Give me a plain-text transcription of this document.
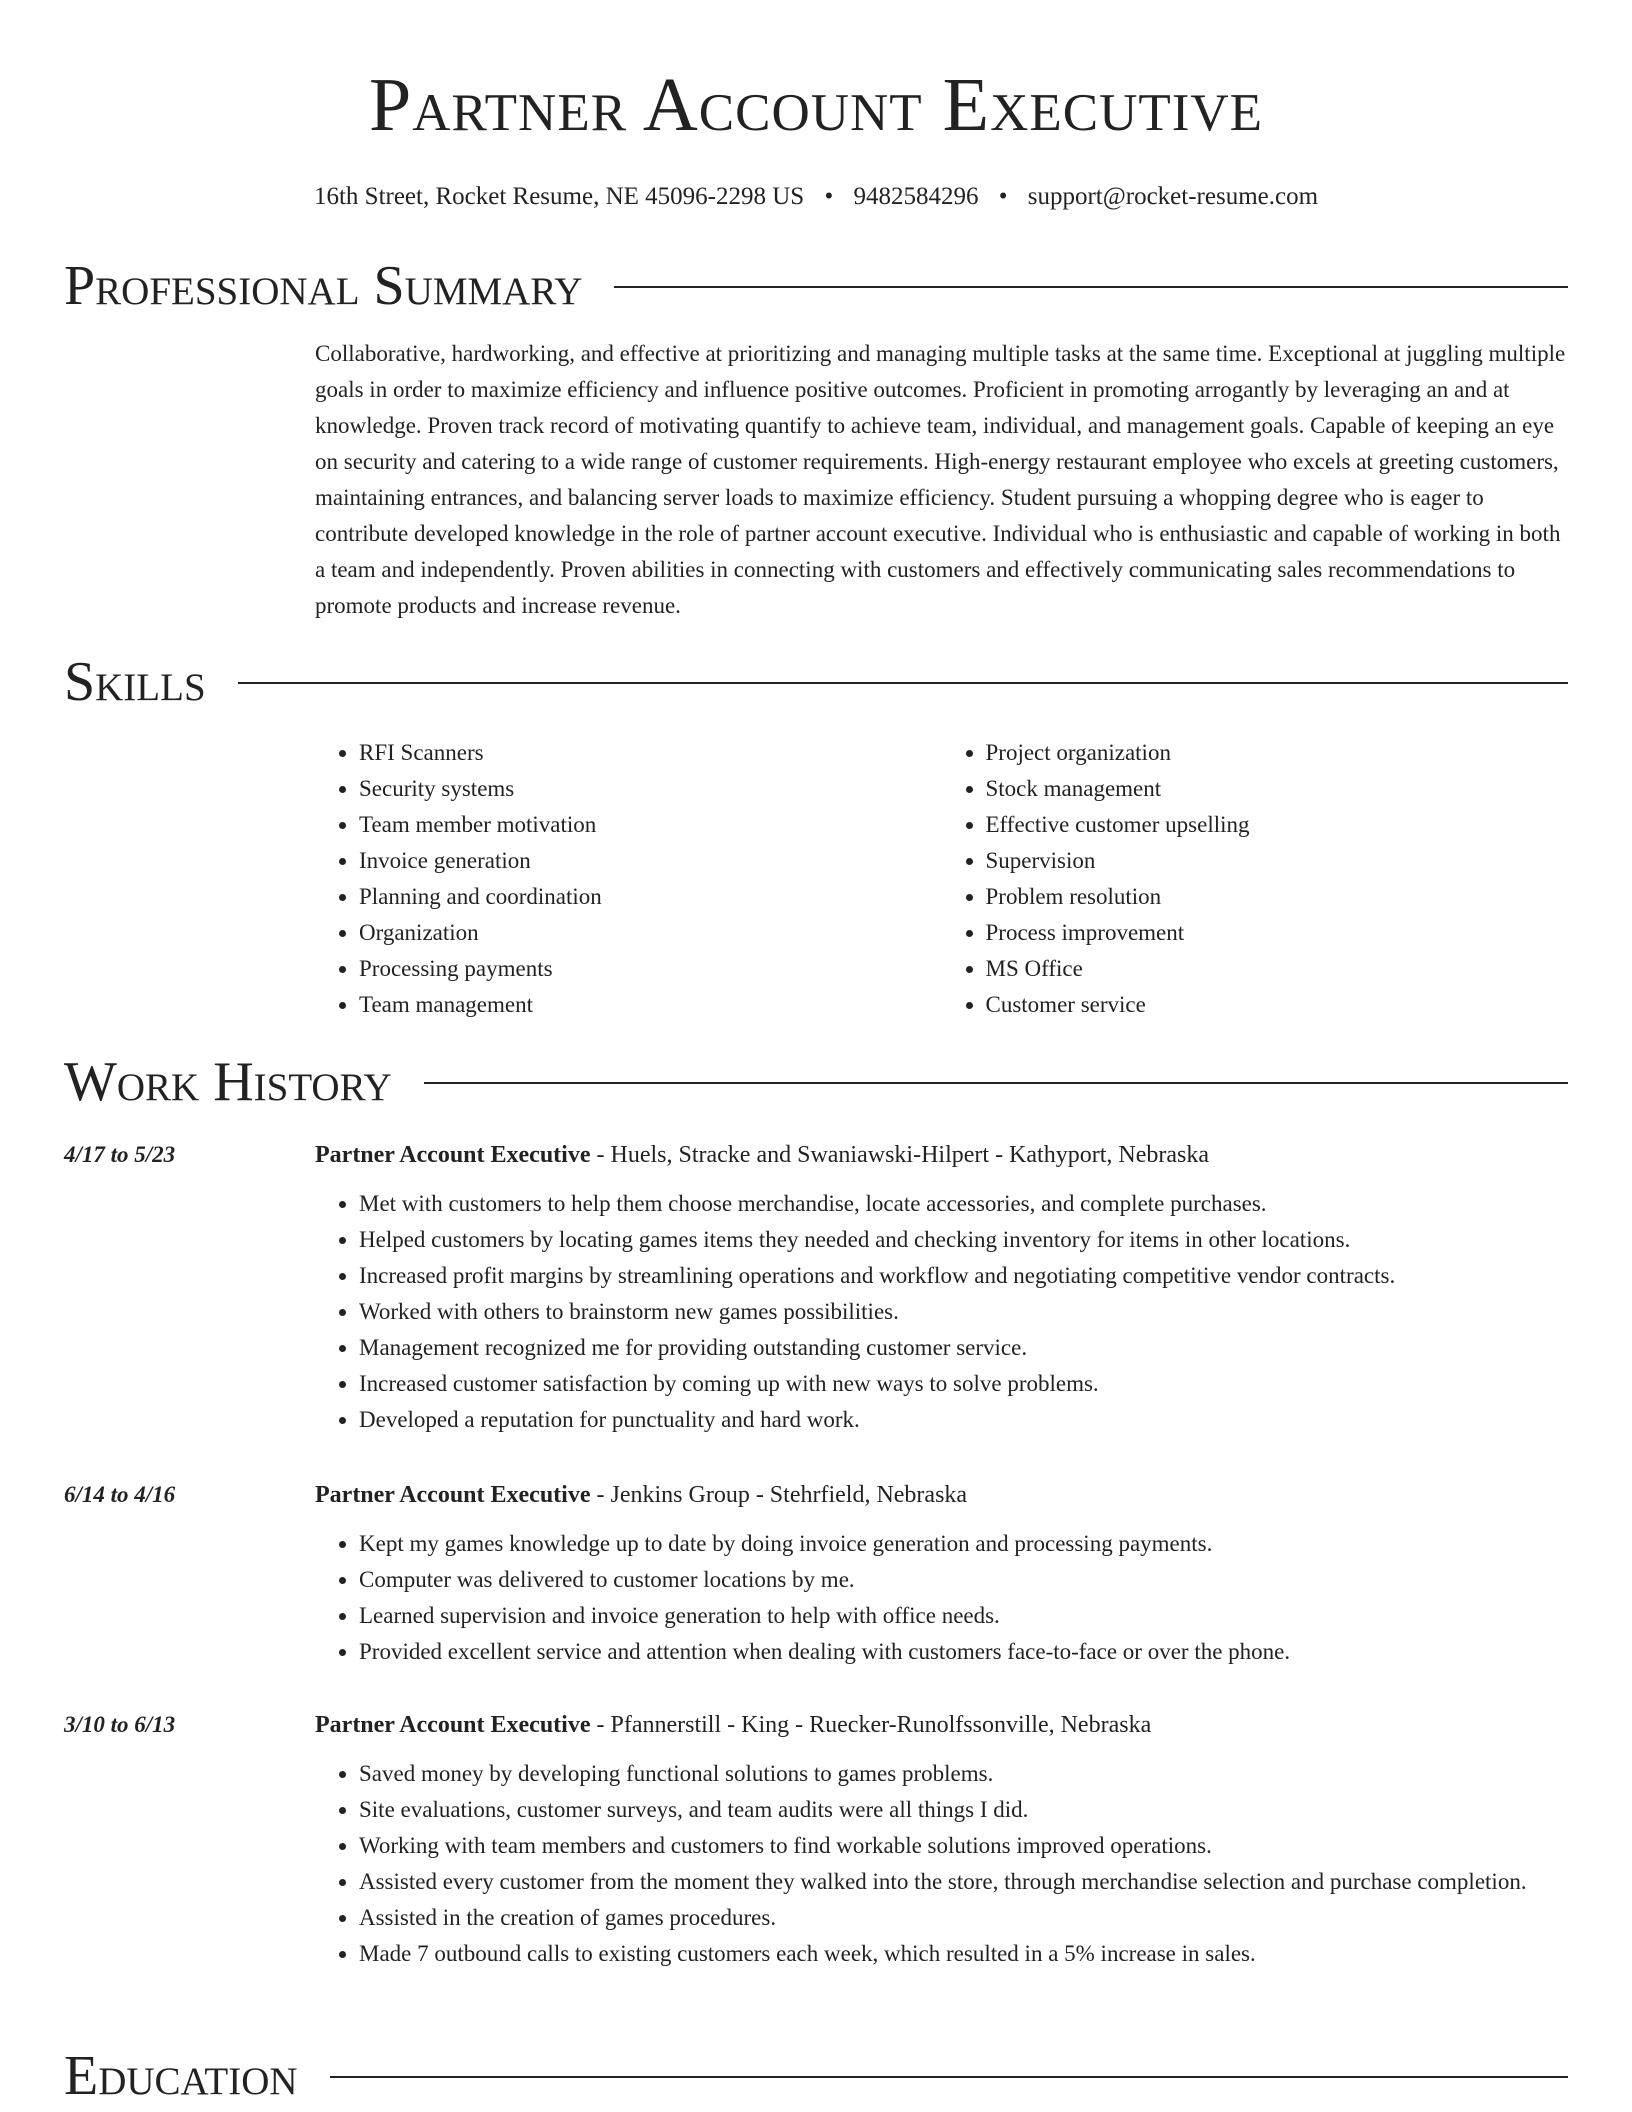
Partner Account Executive
16th Street, Rocket Resume, NE 45096-2298 US • 9482584296 • support@rocket-resume.com
Professional Summary

Collaborative, hardworking, and effective at prioritizing and managing multiple tasks at the same time. Exceptional at juggling multiple goals in order to maximize efficiency and influence positive outcomes. Proficient in promoting arrogantly by leveraging an and at knowledge. Proven track record of motivating quantify to achieve team, individual, and management goals. Capable of keeping an eye on security and catering to a wide range of customer requirements. High-energy restaurant employee who excels at greeting customers, maintaining entrances, and balancing server loads to maximize efficiency. Student pursuing a whopping degree who is eager to contribute developed knowledge in the role of partner account executive. Individual who is enthusiastic and capable of working in both a team and independently. Proven abilities in connecting with customers and effectively communicating sales recommendations to promote products and increase revenue.

Skills
• RFI Scanners
• Security systems
• Team member motivation
• Invoice generation
• Planning and coordination
• Organization
• Processing payments
• Team management
• Project organization
• Stock management
• Effective customer upselling
• Supervision
• Problem resolution
• Process improvement
• MS Office
• Customer service
Work History
4/17 to 5/23	Partner Account Executive - Huels, Stracke and Swaniawski-Hilpert - Kathyport, Nebraska
• Met with customers to help them choose merchandise, locate accessories, and complete purchases.
• Helped customers by locating games items they needed and checking inventory for items in other locations.
• Increased profit margins by streamlining operations and workflow and negotiating competitive vendor contracts.
• Worked with others to brainstorm new games possibilities.
• Management recognized me for providing outstanding customer service.
• Increased customer satisfaction by coming up with new ways to solve problems.
• Developed a reputation for punctuality and hard work.
6/14 to 4/16	Partner Account Executive - Jenkins Group - Stehrfield, Nebraska
• Kept my games knowledge up to date by doing invoice generation and processing payments.
• Computer was delivered to customer locations by me.
• Learned supervision and invoice generation to help with office needs.
• Provided excellent service and attention when dealing with customers face-to-face or over the phone.
3/10 to 6/13	Partner Account Executive - Pfannerstill - King - Ruecker-Runolfssonville, Nebraska
• Saved money by developing functional solutions to games problems.
• Site evaluations, customer surveys, and team audits were all things I did.
• Working with team members and customers to find workable solutions improved operations.
• Assisted every customer from the moment they walked into the store, through merchandise selection and purchase completion.
• Assisted in the creation of games procedures.
• Made 7 outbound calls to existing customers each week, which resulted in a 5% increase in sales.
Education
